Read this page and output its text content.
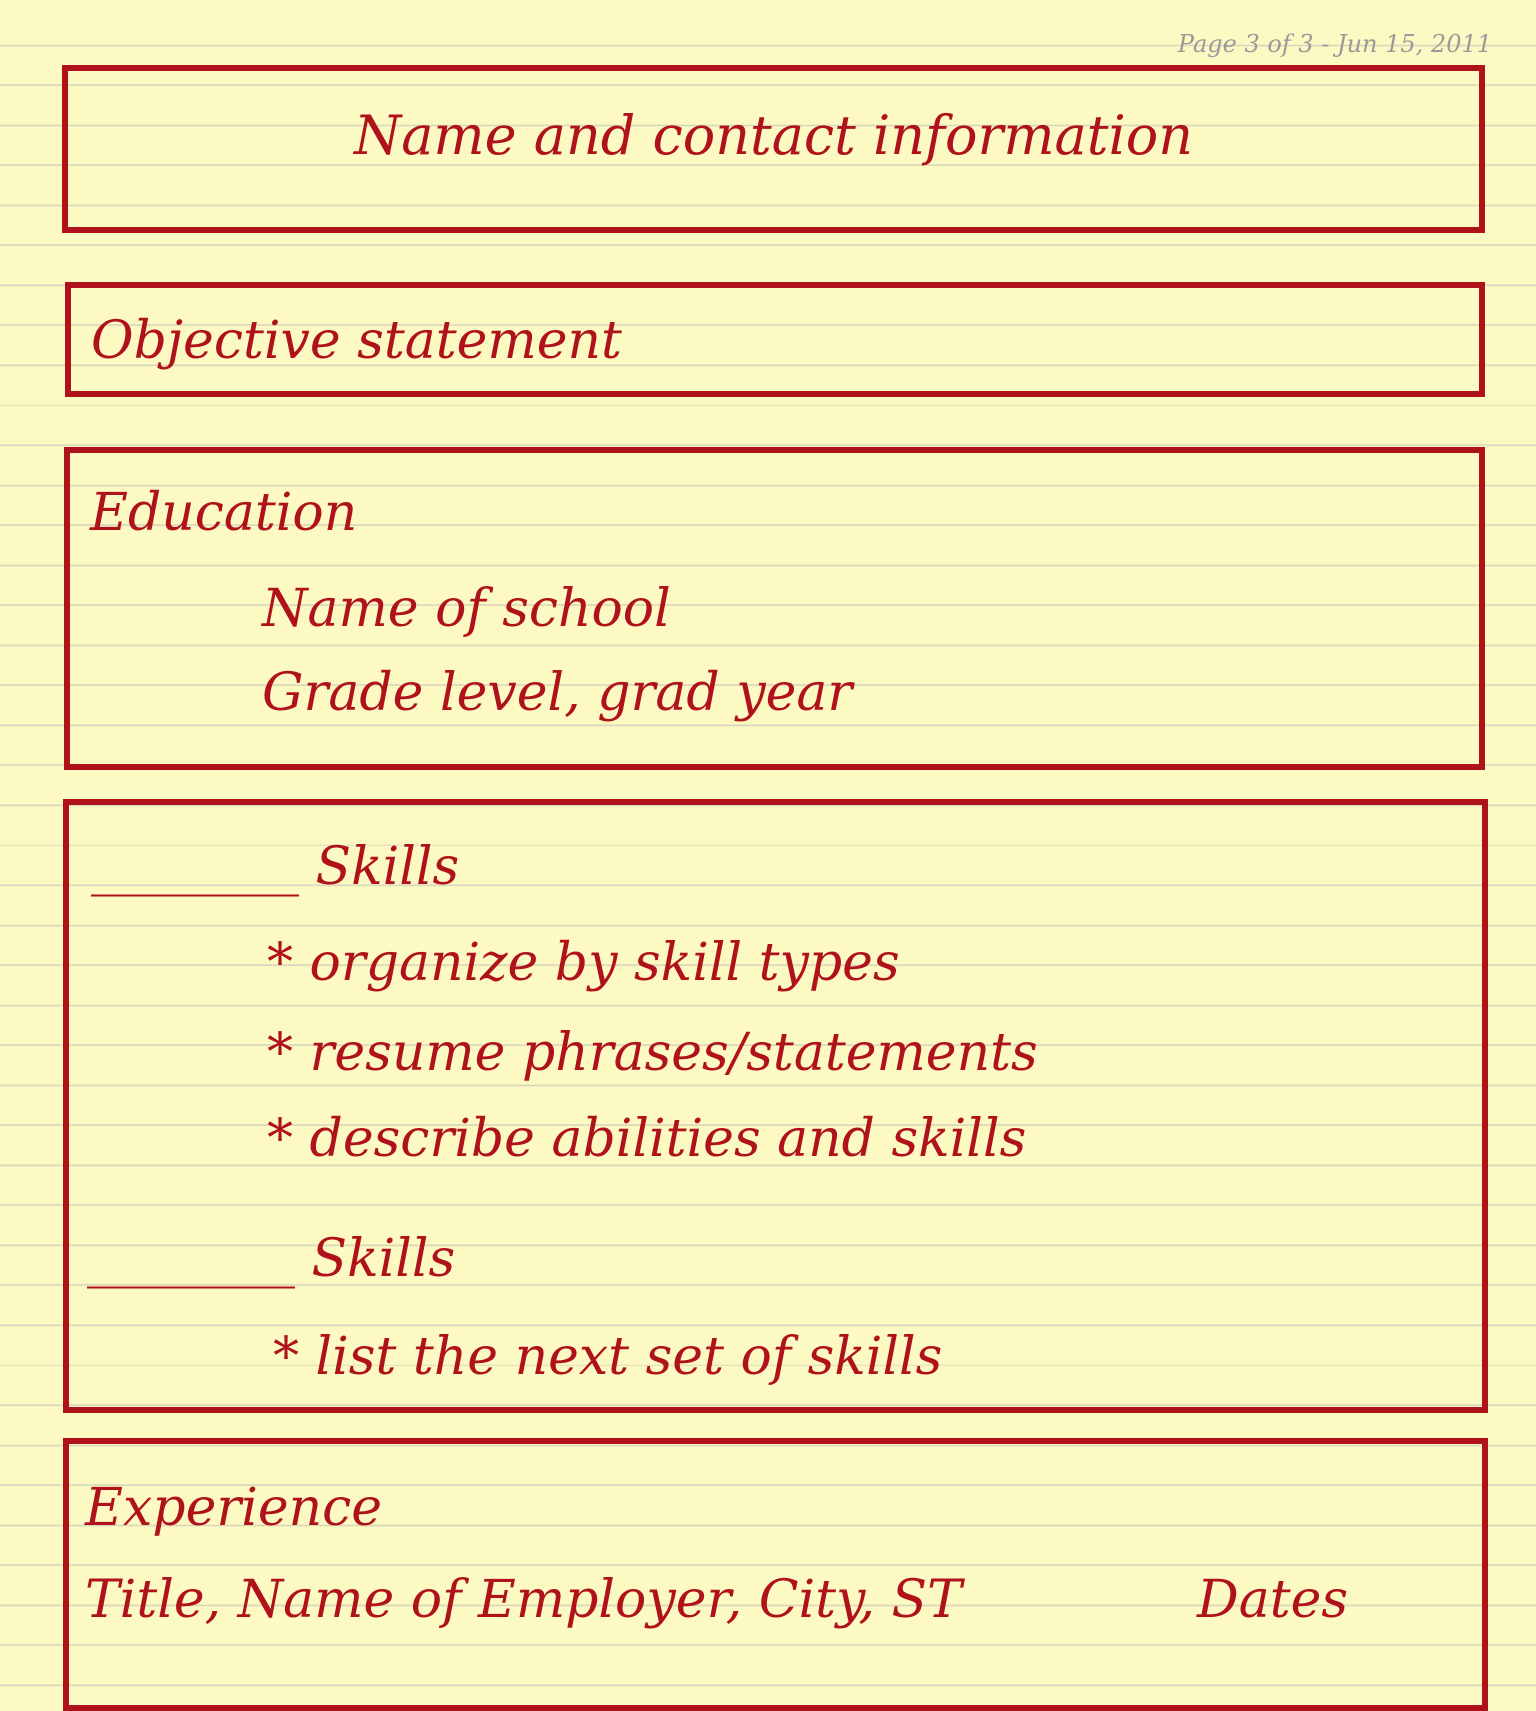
Page 3 of 3 - Jun 15, 2011
Name and contact information
Objective statement
Education
Name of school
Grade level, grad year
________ Skills
* organize by skill types
* resume phrases/statements
* describe abilities and skills
________ Skills
* list the next set of skills
Experience
Title, Name of Employer, City, ST	Dates
